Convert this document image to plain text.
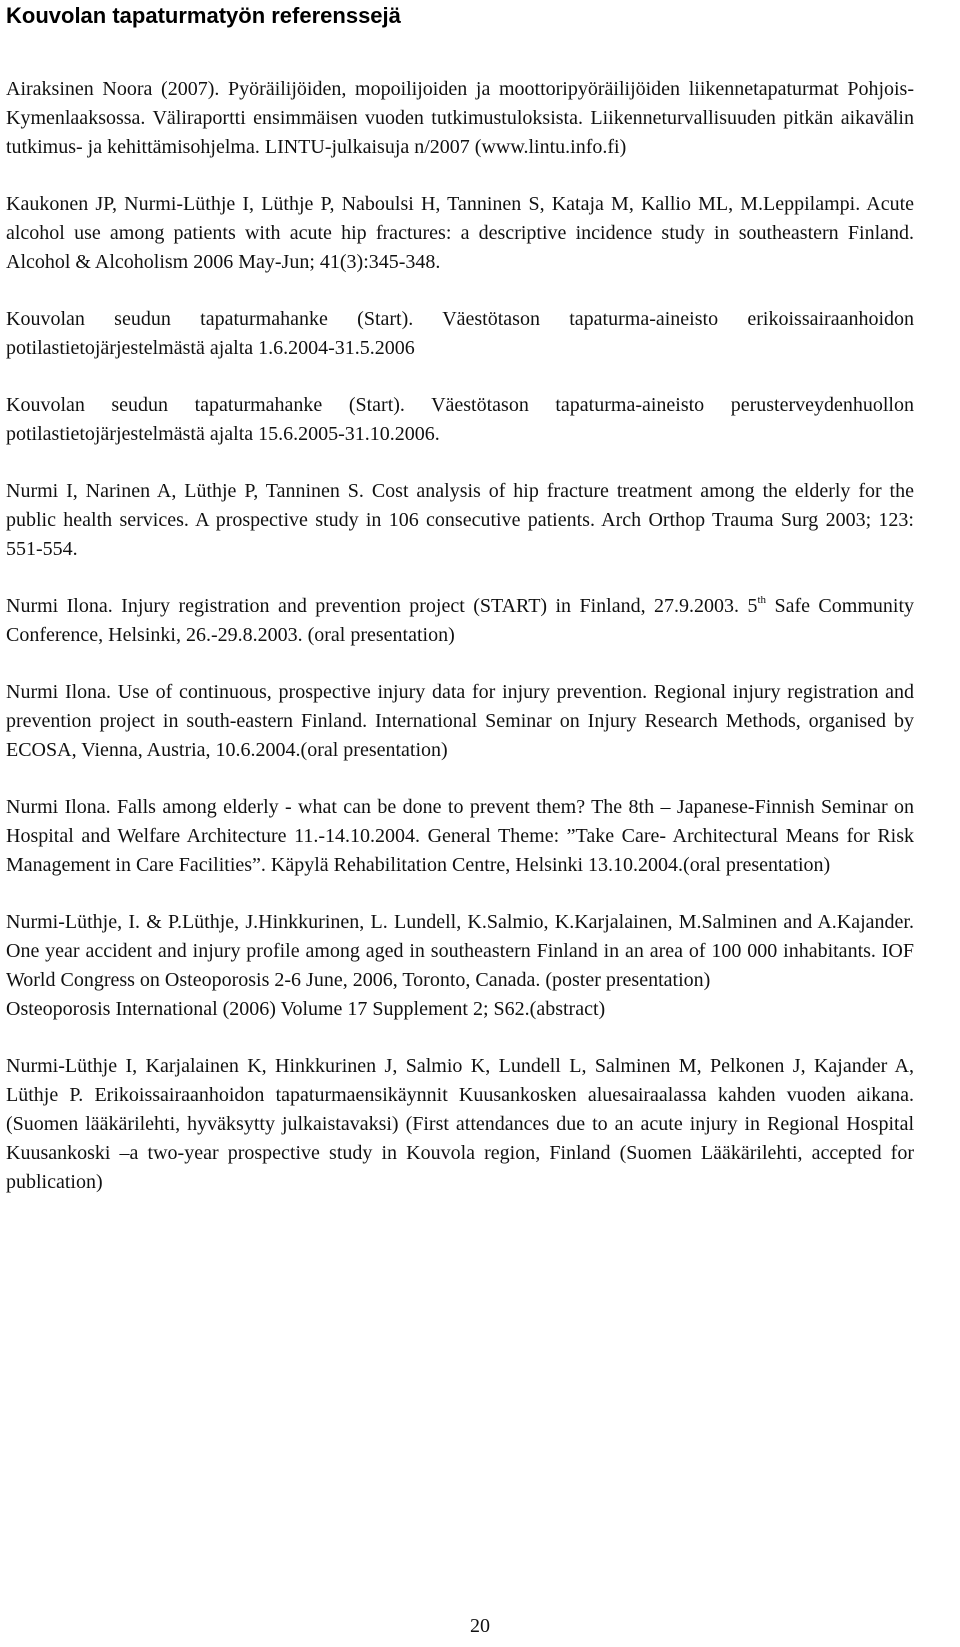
Kouvolan tapaturmatyön referenssejä

Airaksinen Noora (2007). Pyöräilijöiden, mopoilijoiden ja moottoripyöräilijöiden liikennetapaturmat Pohjois-Kymenlaaksossa. Väliraportti ensimmäisen vuoden tutkimustuloksista. Liikenneturvallisuuden pitkän aikavälin tutkimus- ja kehittämisohjelma. LINTU-julkaisuja n/2007 (www.lintu.info.fi)

Kaukonen JP, Nurmi-Lüthje I, Lüthje P, Naboulsi H, Tanninen S, Kataja M, Kallio ML, M.Leppilampi. Acute alcohol use among patients with acute hip fractures: a descriptive incidence study in southeastern Finland. Alcohol & Alcoholism 2006 May-Jun; 41(3):345-348.

Kouvolan seudun tapaturmahanke (Start). Väestötason tapaturma-aineisto erikoissairaanhoidon potilastietojärjestelmästä ajalta 1.6.2004-31.5.2006

Kouvolan seudun tapaturmahanke (Start). Väestötason tapaturma-aineisto perusterveydenhuollon potilastietojärjestelmästä ajalta 15.6.2005-31.10.2006.

Nurmi I, Narinen A, Lüthje P, Tanninen S. Cost analysis of hip fracture treatment among the elderly for the public health services. A prospective study in 106 consecutive patients. Arch Orthop Trauma Surg 2003; 123: 551-554.

Nurmi Ilona. Injury registration and prevention project (START) in Finland, 27.9.2003. 5th Safe Community Conference, Helsinki, 26.-29.8.2003. (oral presentation)

Nurmi Ilona. Use of continuous, prospective injury data for injury prevention. Regional injury registration and prevention project in south-eastern Finland. International Seminar on Injury Research Methods, organised by ECOSA, Vienna, Austria, 10.6.2004.(oral presentation)

Nurmi Ilona. Falls among elderly - what can be done to prevent them? The 8th – Japanese-Finnish Seminar on Hospital and Welfare Architecture 11.-14.10.2004. General Theme: ”Take Care- Architectural Means for Risk Management in Care Facilities”. Käpylä Rehabilitation Centre, Helsinki 13.10.2004.(oral presentation)

Nurmi-Lüthje, I. & P.Lüthje, J.Hinkkurinen, L. Lundell, K.Salmio, K.Karjalainen, M.Salminen and A.Kajander. One year accident and injury profile among aged in southeastern Finland in an area of 100 000 inhabitants. IOF World Congress on Osteoporosis 2-6 June, 2006, Toronto, Canada. (poster presentation)

Osteoporosis International (2006) Volume 17 Supplement 2; S62.(abstract)

Nurmi-Lüthje I, Karjalainen K, Hinkkurinen J, Salmio K, Lundell L, Salminen M, Pelkonen J, Kajander A, Lüthje P. Erikoissairaanhoidon tapaturmaensikäynnit Kuusankosken aluesairaalassa kahden vuoden aikana. (Suomen lääkärilehti, hyväksytty julkaistavaksi) (First attendances due to an acute injury in Regional Hospital Kuusankoski –a two-year prospective study in Kouvola region, Finland (Suomen Lääkärilehti, accepted for publication)

20
